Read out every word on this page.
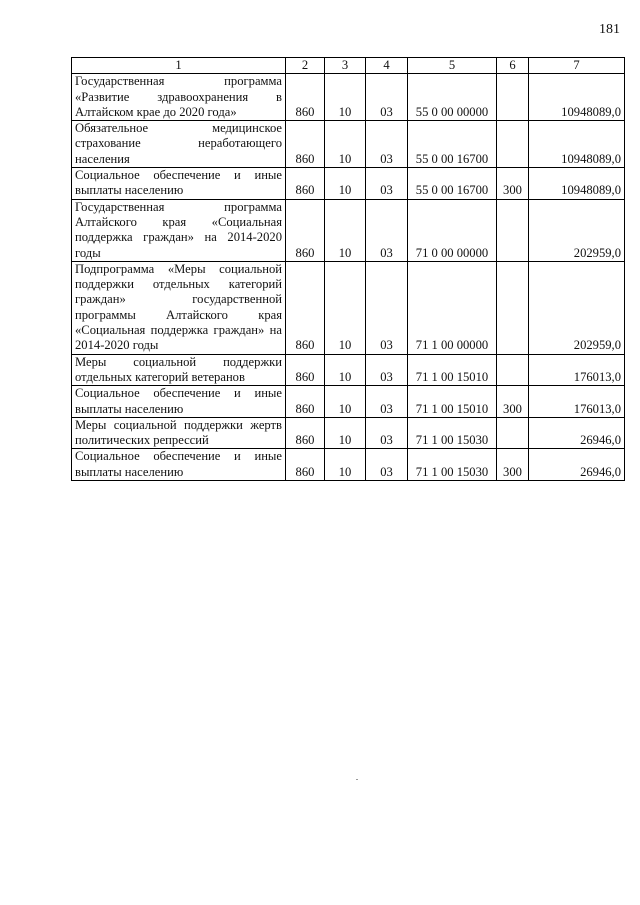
181
1	2	3	4	5	6	7
Государственная программа «Развитие здравоохранения в Алтайском крае до 2020 года»	860	10	03	55 0 00 00000		10948089,0
Обязательное медицинское страхование неработающего населения	860	10	03	55 0 00 16700		10948089,0
Социальное обеспечение и иные выплаты населению	860	10	03	55 0 00 16700	300	10948089,0
Государственная программа Алтайского края «Социальная поддержка граждан» на 2014-2020 годы	860	10	03	71 0 00 00000		202959,0
Подпрограмма «Меры социальной поддержки отдельных категорий граждан» государственной программы Алтайского края «Социальная поддержка граждан» на 2014-2020 годы	860	10	03	71 1 00 00000		202959,0
Меры социальной поддержки отдельных категорий ветеранов	860	10	03	71 1 00 15010		176013,0
Социальное обеспечение и иные выплаты населению	860	10	03	71 1 00 15010	300	176013,0
Меры социальной поддержки жертв политических репрессий	860	10	03	71 1 00 15030		26946,0
Социальное обеспечение и иные выплаты населению	860	10	03	71 1 00 15030	300	26946,0
